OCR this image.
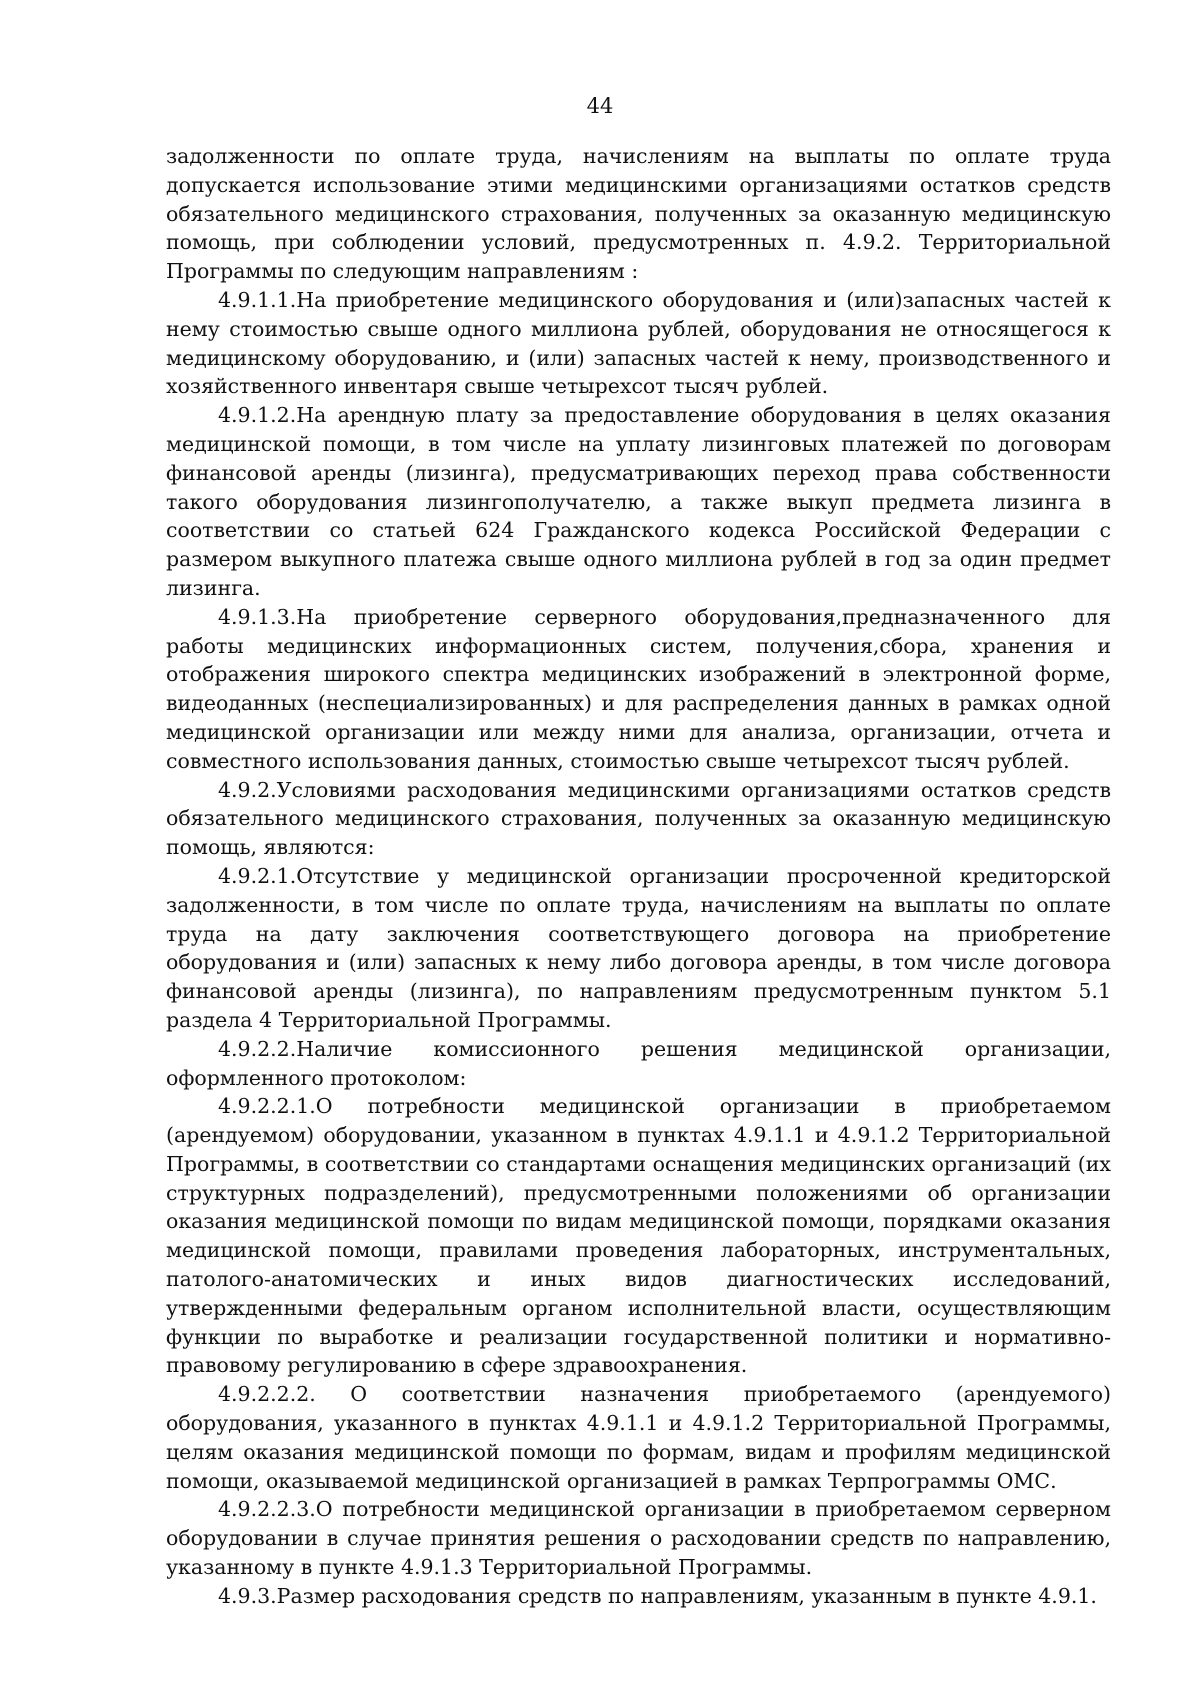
44

задолженности по оплате труда, начислениям на выплаты по оплате труда допускается использование этими медицинскими организациями остатков средств обязательного медицинского страхования, полученных за оказанную медицинскую помощь, при соблюдении условий, предусмотренных п. 4.9.2. Территориальной Программы по следующим направлениям :

4.9.1.1.На приобретение медицинского оборудования и (или)запасных частей к нему стоимостью свыше одного миллиона рублей, оборудования не относящегося к медицинскому оборудованию, и (или) запасных частей к нему, производственного и хозяйственного инвентаря свыше четырехсот тысяч рублей.

4.9.1.2.На арендную плату за предоставление оборудования в целях оказания медицинской помощи, в том числе на уплату лизинговых платежей по договорам финансовой аренды (лизинга), предусматривающих переход права собственности такого оборудования лизингополучателю, а также выкуп предмета лизинга в соответствии со статьей 624 Гражданского кодекса Российской Федерации с размером выкупного платежа свыше одного миллиона рублей в год за один предмет лизинга.

4.9.1.3.На приобретение серверного оборудования,предназначенного для работы медицинских информационных систем, получения,сбора, хранения и отображения широкого спектра медицинских изображений в электронной форме, видеоданных (неспециализированных) и для распределения данных в рамках одной медицинской организации или между ними для анализа, организации, отчета и совместного использования данных, стоимостью свыше четырехсот тысяч рублей.

4.9.2.Условиями расходования медицинскими организациями остатков средств обязательного медицинского страхования, полученных за оказанную медицинскую помощь, являются:

4.9.2.1.Отсутствие у медицинской организации просроченной кредиторской задолженности, в том числе по оплате труда, начислениям на выплаты по оплате труда на дату заключения соответствующего договора на приобретение оборудования и (или) запасных к нему либо договора аренды, в том числе договора финансовой аренды (лизинга), по направлениям предусмотренным пунктом 5.1 раздела 4 Территориальной Программы.

4.9.2.2.Наличие комиссионного решения медицинской организации, оформленного протоколом:

4.9.2.2.1.О потребности медицинской организации в приобретаемом (арендуемом) оборудовании, указанном в пунктах 4.9.1.1 и 4.9.1.2 Территориальной Программы, в соответствии со стандартами оснащения медицинских организаций (их структурных подразделений), предусмотренными положениями об организации оказания медицинской помощи по видам медицинской помощи, порядками оказания медицинской помощи, правилами проведения лабораторных, инструментальных, патолого-анатомических и иных видов диагностических исследований, утвержденными федеральным органом исполнительной власти, осуществляющим функции по выработке и реализации государственной политики и нормативно-правовому регулированию в сфере здравоохранения.

4.9.2.2.2. О соответствии назначения приобретаемого (арендуемого) оборудования, указанного в пунктах 4.9.1.1 и 4.9.1.2 Территориальной Программы, целям оказания медицинской помощи по формам, видам и профилям медицинской помощи, оказываемой медицинской организацией в рамках Терпрограммы ОМС.

4.9.2.2.3.О потребности медицинской организации в приобретаемом серверном оборудовании в случае принятия решения о расходовании средств по направлению, указанному в пункте 4.9.1.3 Территориальной Программы.

4.9.3.Размер расходования средств по направлениям, указанным в пункте 4.9.1.
